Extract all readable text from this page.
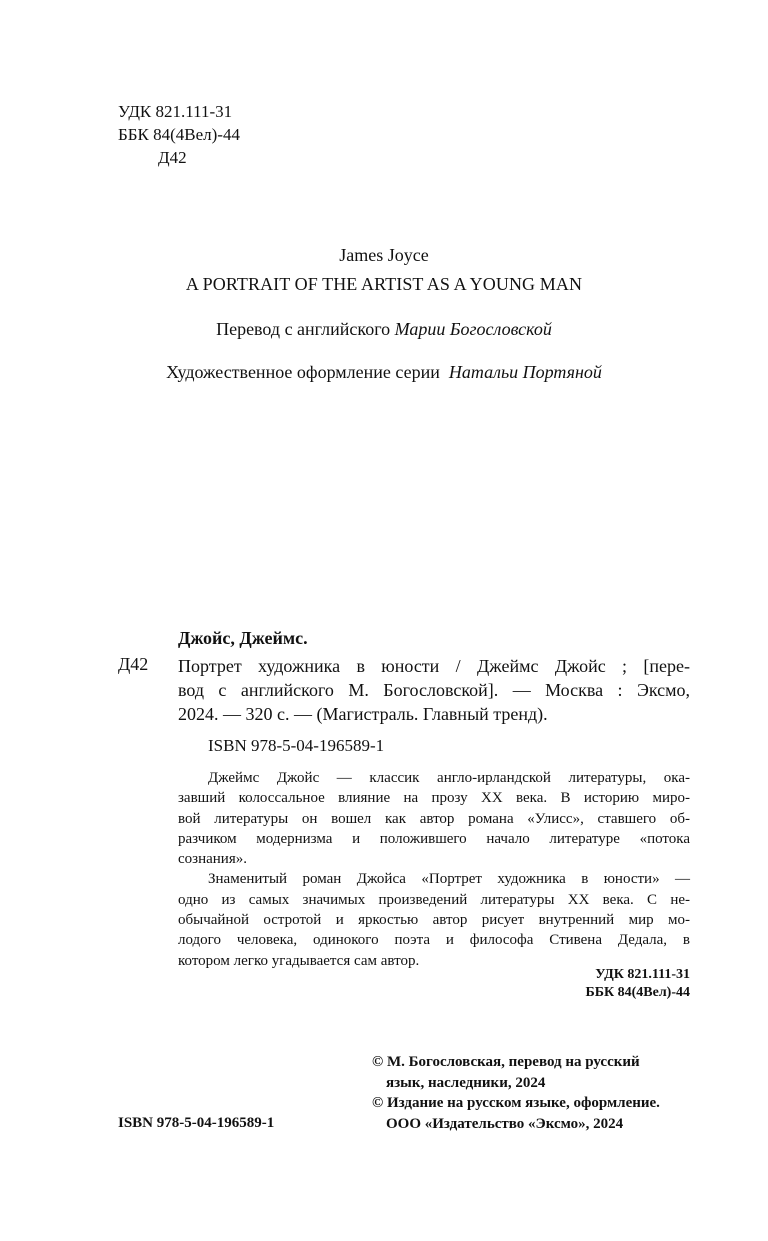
УДК 821.111-31
ББК 84(4Вел)-44
Д42
James Joyce
A PORTRAIT OF THE ARTIST AS A YOUNG MAN
Перевод с английского Марии Богословской
Художественное оформление серии Натальи Портяной
Джойс, Джеймс.
Д42 Портрет художника в юности / Джеймс Джойс ; [пере-
вод с английского М. Богословской]. — Москва : Эксмо,
2024. — 320 с. — (Магистраль. Главный тренд).
ISBN 978-5-04-196589-1
Джеймс Джойс — классик англо-ирландской литературы, ока-
завший колоссальное влияние на прозу ХХ века. В историю миро-
вой литературы он вошел как автор романа «Улисс», ставшего об-
разчиком модернизма и положившего начало литературе «потока
сознания».
Знаменитый роман Джойса «Портрет художника в юности» —
одно из самых значимых произведений литературы ХХ века. С не-
обычайной остротой и яркостью автор рисует внутренний мир мо-
лодого человека, одинокого поэта и философа Стивена Дедала, в
котором легко угадывается сам автор.
УДК 821.111-31
ББК 84(4Вел)-44
© М. Богословская, перевод на русский
язык, наследники, 2024
© Издание на русском языке, оформление.
ООО «Издательство «Эксмо», 2024
ISBN 978-5-04-196589-1
